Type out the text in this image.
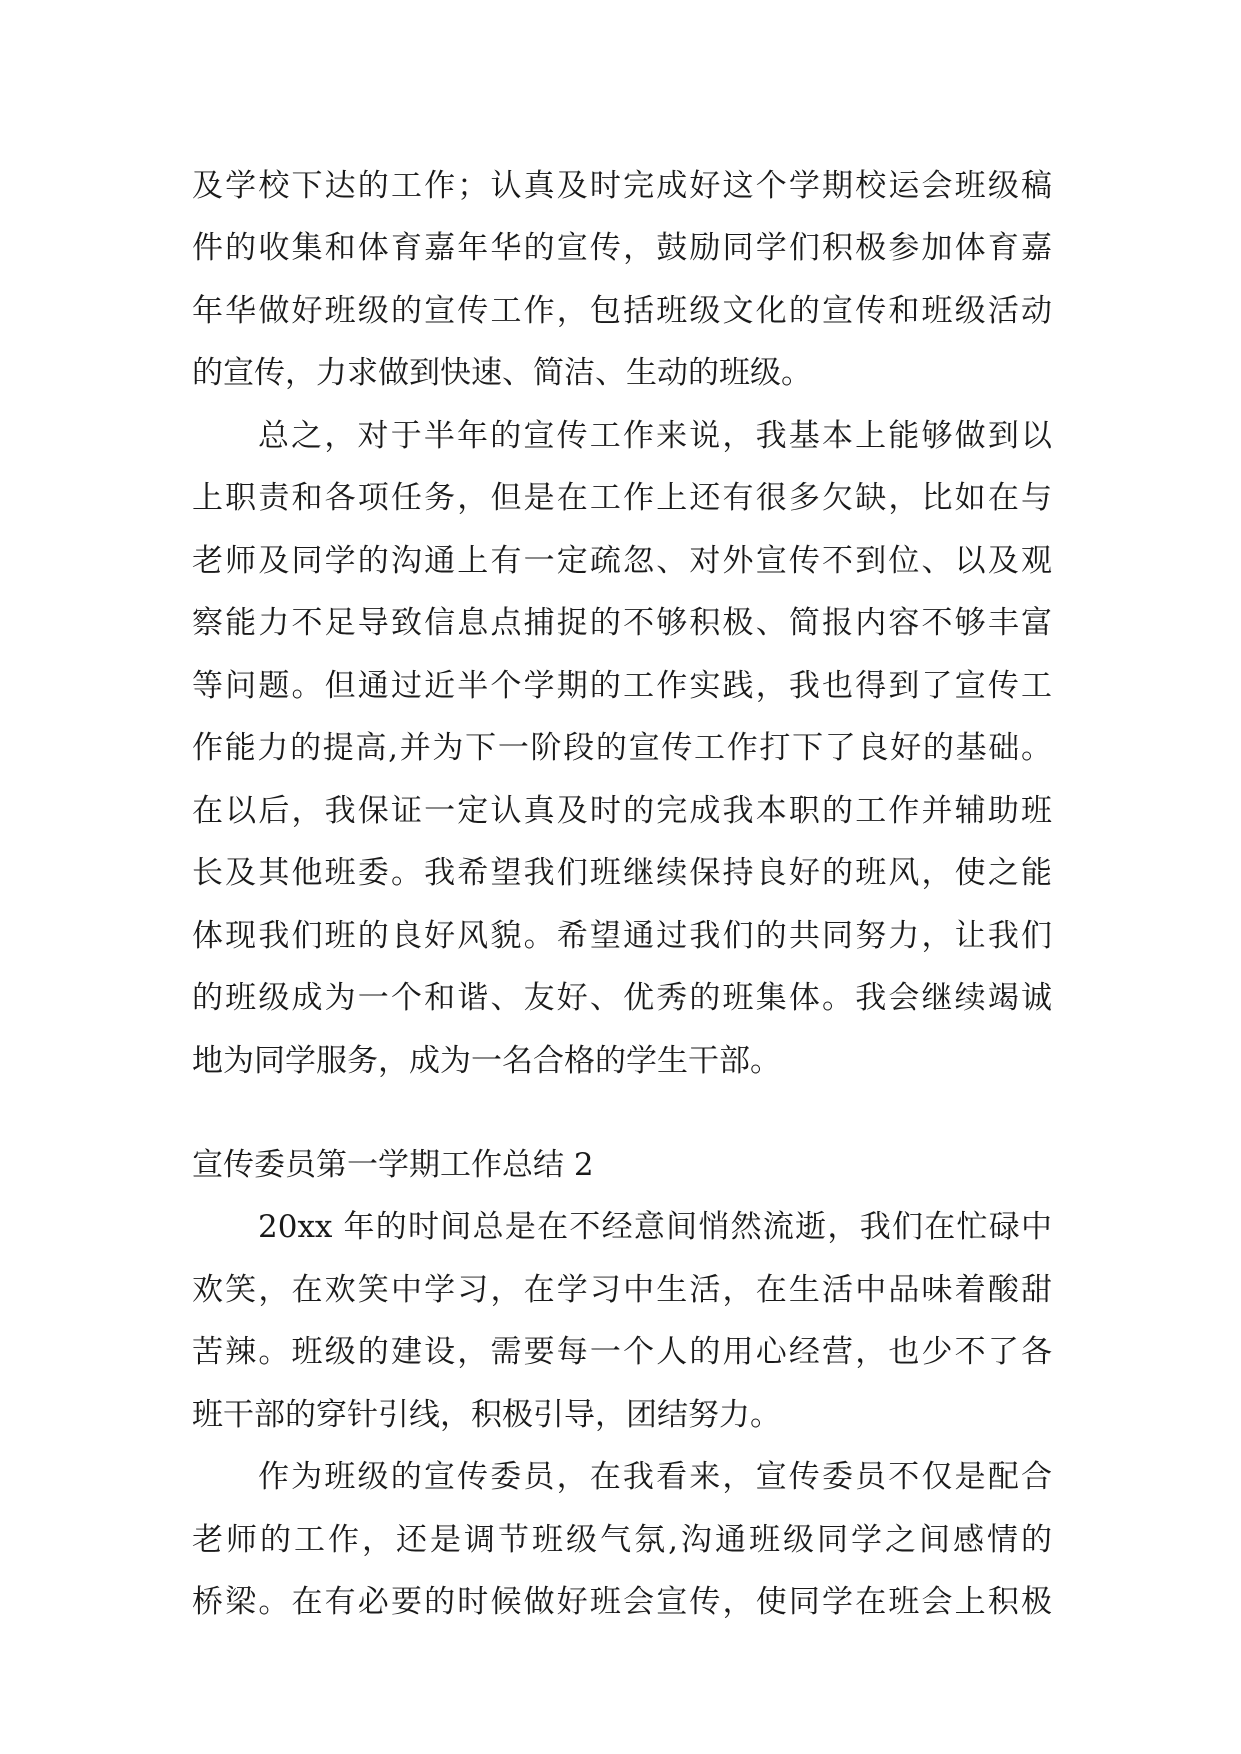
及学校下达的工作；认真及时完成好这个学期校运会班级稿
件的收集和体育嘉年华的宣传，鼓励同学们积极参加体育嘉
年华做好班级的宣传工作，包括班级文化的宣传和班级活动
的宣传，力求做到快速、简洁、生动的班级。
总之，对于半年的宣传工作来说，我基本上能够做到以
上职责和各项任务，但是在工作上还有很多欠缺，比如在与
老师及同学的沟通上有一定疏忽、对外宣传不到位、以及观
察能力不足导致信息点捕捉的不够积极、简报内容不够丰富
等问题。但通过近半个学期的工作实践，我也得到了宣传工
作能力的提高,并为下一阶段的宣传工作打下了良好的基础。
在以后，我保证一定认真及时的完成我本职的工作并辅助班
长及其他班委。我希望我们班继续保持良好的班风，使之能
体现我们班的良好风貌。希望通过我们的共同努力，让我们
的班级成为一个和谐、友好、优秀的班集体。我会继续竭诚
地为同学服务，成为一名合格的学生干部。
宣传委员第一学期工作总结 2
20xx 年的时间总是在不经意间悄然流逝，我们在忙碌中
欢笑，在欢笑中学习，在学习中生活，在生活中品味着酸甜
苦辣。班级的建设，需要每一个人的用心经营，也少不了各
班干部的穿针引线，积极引导，团结努力。
作为班级的宣传委员，在我看来，宣传委员不仅是配合
老师的工作，还是调节班级气氛,沟通班级同学之间感情的
桥梁。在有必要的时候做好班会宣传，使同学在班会上积极
